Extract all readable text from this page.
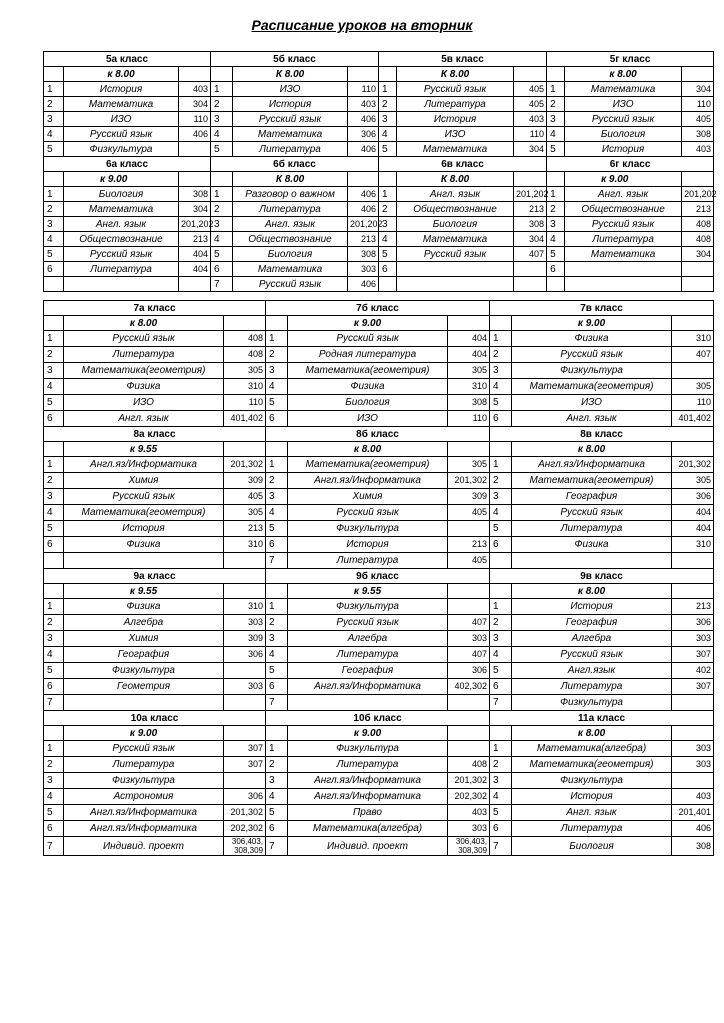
Расписание уроков на вторник
5а класс			5б класс			5в класс			5г класс		
	к 8.00			К 8.00			К 8.00			к 8.00	
1	История	403	1	ИЗО	110	1	Русский язык	405	1	Математика	304
2	Математика	304	2	История	403	2	Литература	405	2	ИЗО	110
3	ИЗО	110	3	Русский язык	406	3	История	403	3	Русский язык	405
4	Русский язык	406	4	Математика	306	4	ИЗО	110	4	Биология	308
5	Физкультура		5	Литература	406	5	Математика	304	5	История	403
6а класс			6б класс			6в класс			6г класс		
	к 9.00			К 8.00			К 8.00			к 9.00	
1	Биология	308	1	Разговор о важном	406	1	Англ. язык	201,202	1	Англ. язык	201,202
2	Математика	304	2	Литература	406	2	Обществознание	213	2	Обществознание	213
3	Англ. язык	201,202	3	Англ. язык	201,202	3	Биология	308	3	Русский язык	408
4	Обществознание	213	4	Обществознание	213	4	Математика	304	4	Литература	408
5	Русский язык	404	5	Биология	308	5	Русский язык	407	5	Математика	304
6	Литература	404	6	Математика	303	6			6		
			7	Русский язык	406						
7а класс			7б класс			7в класс		
	к 8.00			к 9.00			к 9.00	
1	Русский язык	408	1	Русский язык	404	1	Физика	310
2	Литература	408	2	Родная литература	404	2	Русский язык	407
3	Математика(геометрия)	305	3	Математика(геометрия)	305	3	Физкультура	
4	Физика	310	4	Физика	310	4	Математика(геометрия)	305
5	ИЗО	110	5	Биология	308	5	ИЗО	110
6	Англ. язык	401,402	6	ИЗО	110	6	Англ. язык	401,402
8а класс			8б класс			8в класс		
	к 9.55			к 8.00			к 8.00	
1	Англ.яз/Информатика	201,302	1	Математика(геометрия)	305	1	Англ.яз/Информатика	201,302
2	Химия	309	2	Англ.яз/Информатика	201,302	2	Математика(геометрия)	305
3	Русский язык	405	3	Химия	309	3	География	306
4	Математика(геометрия)	305	4	Русский язык	405	4	Русский язык	404
5	История	213	5	Физкультура		5	Литература	404
6	Физика	310	6	История	213	6	Физика	310
			7	Литература	405			
9а класс			9б класс			9в класс		
	к 9.55			к 9.55			к 8.00	
1	Физика	310	1	Физкультура		1	История	213
2	Алгебра	303	2	Русский язык	407	2	География	306
3	Химия	309	3	Алгебра	303	3	Алгебра	303
4	География	306	4	Литература	407	4	Русский язык	307
5	Физкультура		5	География	306	5	Англ.язык	402
6	Геометрия	303	6	Англ.яз/Информатика	402,302	6	Литература	307
7			7			7	Физкультура	
10а класс			10б класс			11а класс		
	к 9.00			к 9.00			к 8.00	
1	Русский язык	307	1	Физкультура		1	Математика(алгебра)	303
2	Литература	307	2	Литература	408	2	Математика(геометрия)	303
3	Физкультура		3	Англ.яз/Информатика	201,302	3	Физкультура	
4	Астрономия	306	4	Англ.яз/Информатика	202,302	4	История	403
5	Англ.яз/Информатика	201,302	5	Право	403	5	Англ. язык	201,401
6	Англ.яз/Информатика	202,302	6	Математика(алгебра)	303	6	Литература	406
7	Индивид. проект	306,403, 308,309	7	Индивид. проект	306,403, 308,309	7	Биология	308
